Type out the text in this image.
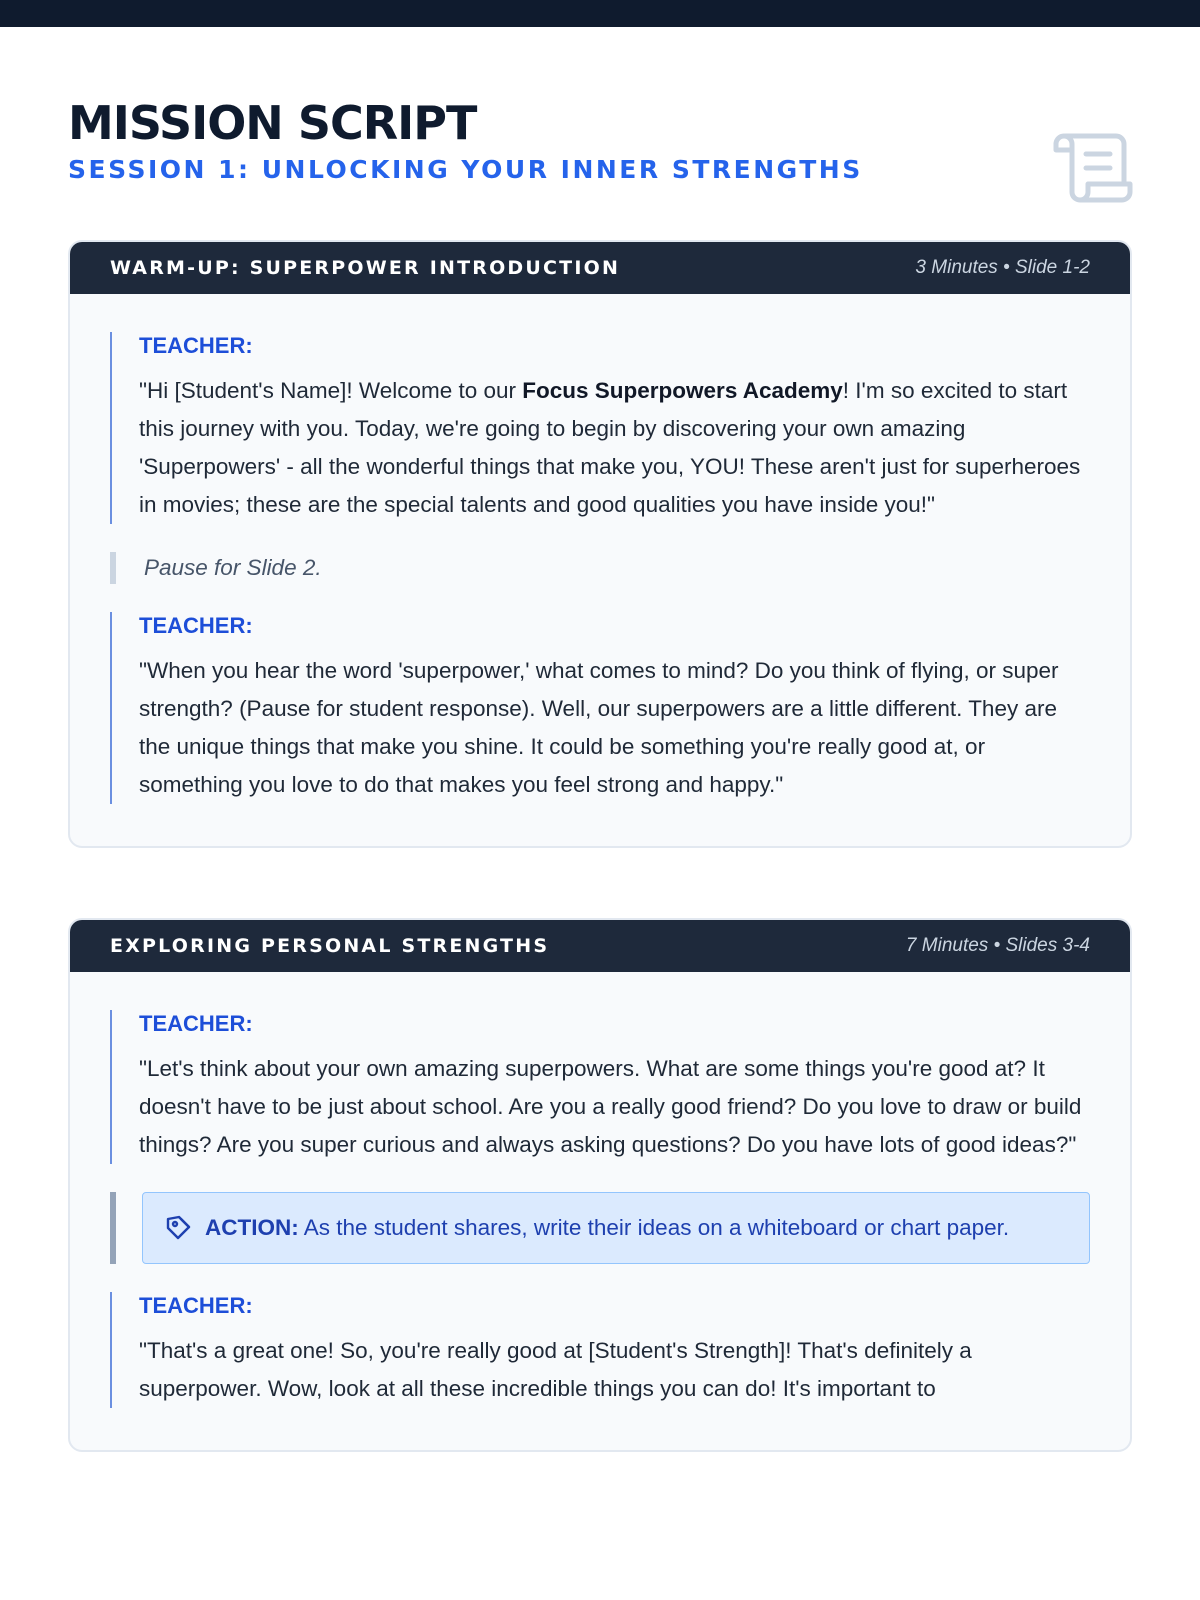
MISSION SCRIPT
SESSION 1: UNLOCKING YOUR INNER STRENGTHS
WARM-UP: SUPERPOWER INTRODUCTION	3 Minutes • Slide 1-2
TEACHER:

"Hi [Student's Name]! Welcome to our Focus Superpowers Academy! I'm so excited to start this journey with you. Today, we're going to begin by discovering your own amazing 'Superpowers' - all the wonderful things that make you, YOU! These aren't just for superheroes in movies; these are the special talents and good qualities you have inside you!"

Pause for Slide 2.
TEACHER:

"When you hear the word 'superpower,' what comes to mind? Do you think of flying, or super strength? (Pause for student response). Well, our superpowers are a little different. They are the unique things that make you shine. It could be something you're really good at, or something you love to do that makes you feel strong and happy."

EXPLORING PERSONAL STRENGTHS	7 Minutes • Slides 3-4
TEACHER:

"Let's think about your own amazing superpowers. What are some things you're good at? It doesn't have to be just about school. Are you a really good friend? Do you love to draw or build things? Are you super curious and always asking questions? Do you have lots of good ideas?"

ACTION: As the student shares, write their ideas on a whiteboard or chart paper.
TEACHER:

"That's a great one! So, you're really good at [Student's Strength]! That's definitely a superpower. Wow, look at all these incredible things you can do! It's important to
